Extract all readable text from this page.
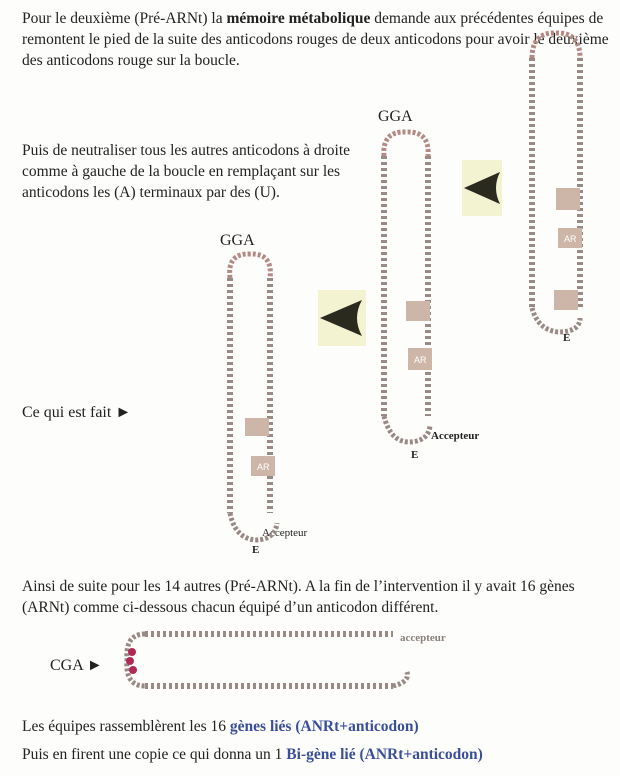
Pour le deuxième (Pré-ARNt) la mémoire métabolique demande aux précédentes équipes de remontent le pied de la suite des anticodons rouges de deux anticodons pour avoir le deuxième des anticodons rouge sur la boucle.
Puis de neutraliser tous les autres anticodons à droite comme à gauche de la boucle en remplaçant sur les anticodons les (A) terminaux par des (U).
GGA
GGA
Ce qui est fait ►
Accepteur
Accepteur
E
E
E
AR
AR
AR
Ainsi de suite pour les 14 autres (Pré-ARNt). A la fin de l’intervention il y avait 16 gènes (ARNt) comme ci-dessous chacun équipé d’un anticodon différent.
CGA ►
accepteur
Les équipes rassemblèrent les 16 gènes liés (ANRt+anticodon)
Puis en firent une copie ce qui donna un 1 Bi-gène lié (ANRt+anticodon)
